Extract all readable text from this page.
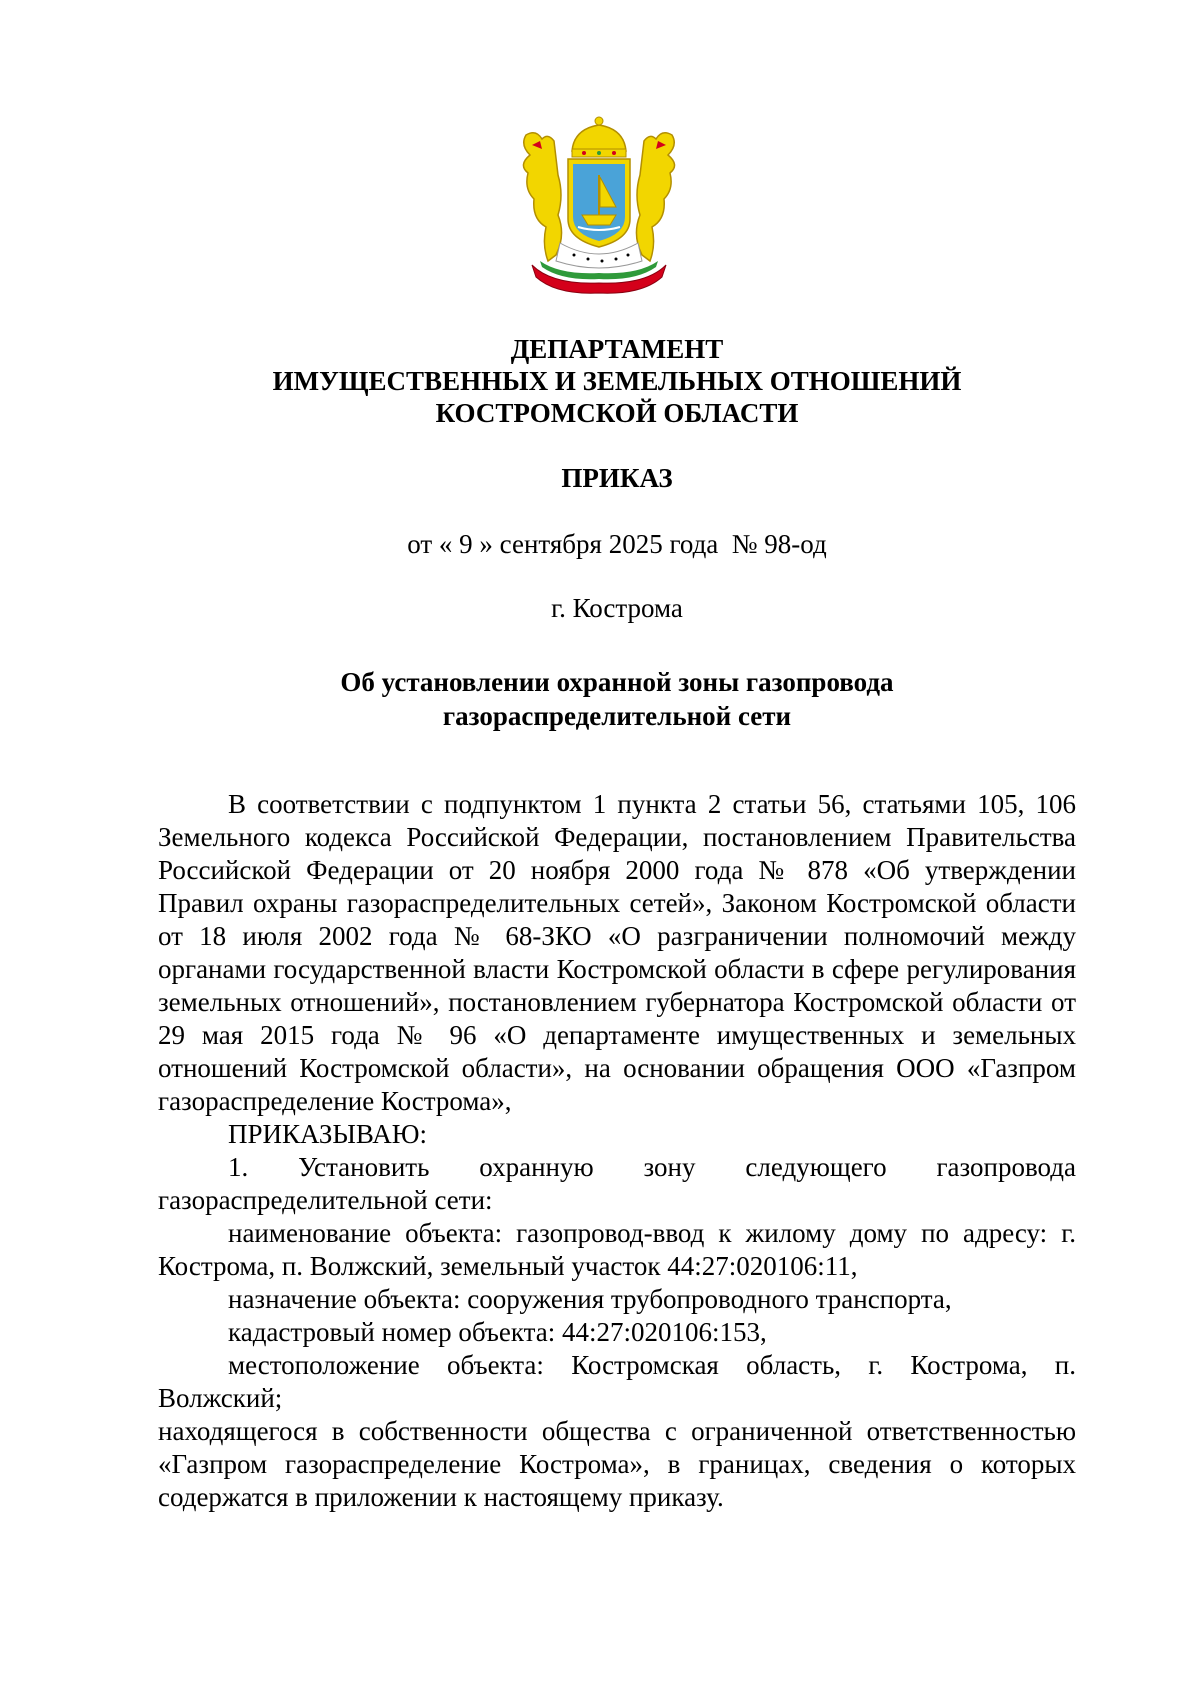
ДЕПАРТАМЕНТ
ИМУЩЕСТВЕННЫХ И ЗЕМЕЛЬНЫХ ОТНОШЕНИЙ
КОСТРОМСКОЙ ОБЛАСТИ
ПРИКАЗ
от « 9 » сентября 2025 года  № 98-од
г. Кострома
Об установлении охранной зоны газопровода
газораспределительной сети

В соответствии с подпунктом 1 пункта 2 статьи 56, статьями 105, 106 Земельного кодекса Российской Федерации, постановлением Правительства Российской Федерации от 20 ноября 2000 года № 878 «Об утверждении Правил охраны газораспределительных сетей», Законом Костромской области от 18 июля 2002 года № 68-ЗКО «О разграничении полномочий между органами государственной власти Костромской области в сфере регулирования земельных отношений», постановлением губернатора Костромской области от 29 мая 2015 года № 96 «О департаменте имущественных и земельных отношений Костромской области», на основании обращения ООО «Газпром газораспределение Кострома»,

ПРИКАЗЫВАЮ:

1. Установить охранную зону следующего газопровода газораспределительной сети:

наименование объекта: газопровод-ввод к жилому дому по адресу: г. Кострома, п. Волжский, земельный участок 44:27:020106:11,

назначение объекта: сооружения трубопроводного транспорта,

кадастровый номер объекта: 44:27:020106:153,

местоположение объекта: Костромская область, г. Кострома, п. Волжский;

находящегося в собственности общества с ограниченной ответственностью «Газпром газораспределение Кострома», в границах, сведения о которых содержатся в приложении к настоящему приказу.
